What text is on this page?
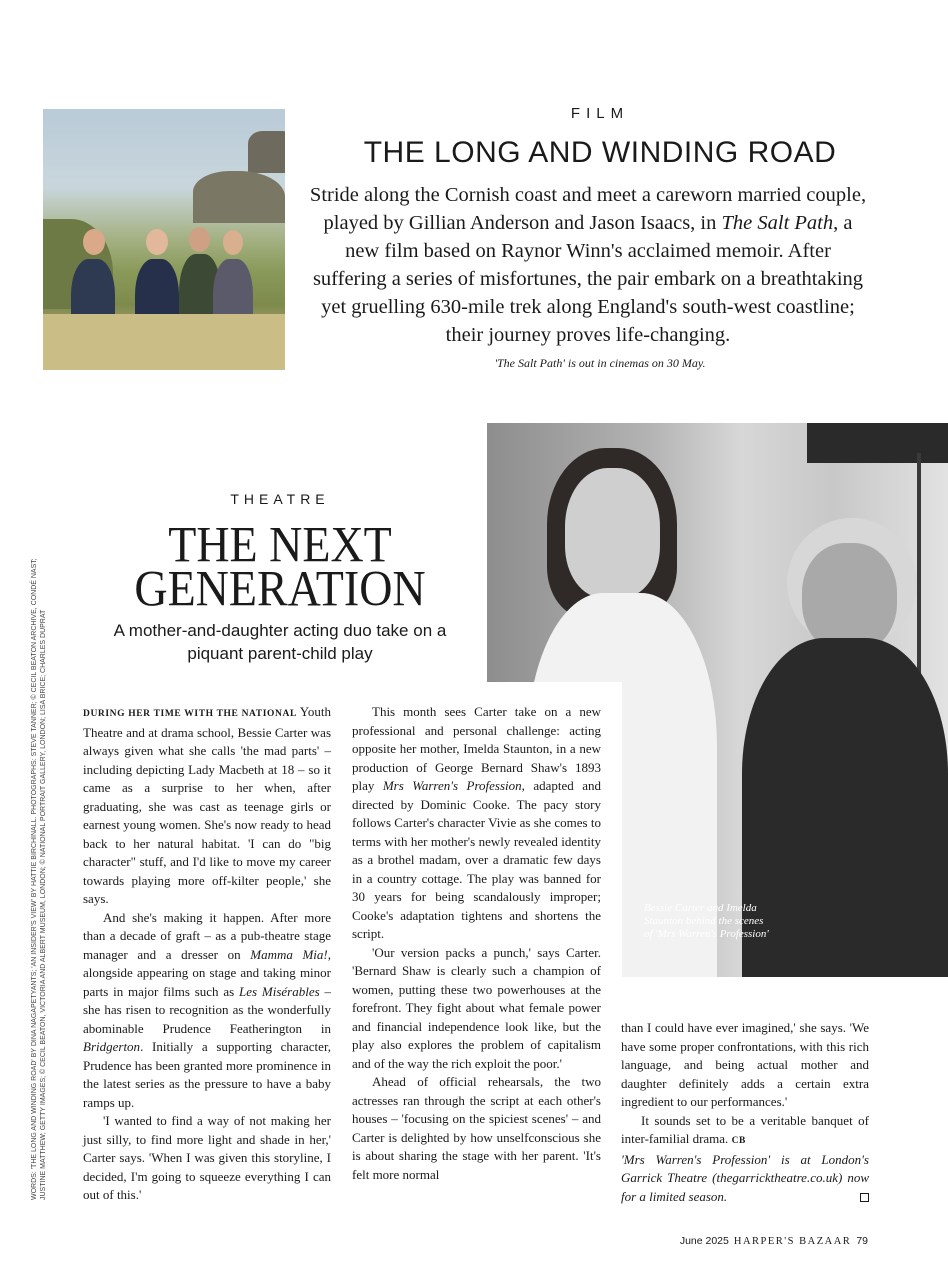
FILM
THE LONG AND WINDING ROAD

Stride along the Cornish coast and meet a careworn married couple, played by Gillian Anderson and Jason Isaacs, in The Salt Path, a new film based on Raynor Winn's acclaimed memoir. After suffering a series of misfortunes, the pair embark on a breathtaking yet gruelling 630-mile trek along England's south-west coastline; their journey proves life-changing.

'The Salt Path' is out in cinemas on 30 May.
Bessie Carter and Imelda Staunton behind the scenes of 'Mrs Warren's Profession'
THEATRE
THE NEXT
GENERATION
A mother-and-daughter acting duo take on a piquant parent-child play

DURING HER TIME WITH THE NATIONAL Youth Theatre and at drama school, Bessie Carter was always given what she calls 'the mad parts' – including depicting Lady Macbeth at 18 – so it came as a surprise to her when, after graduating, she was cast as teenage girls or earnest young women. She's now ready to head back to her natural habitat. 'I can do "big character" stuff, and I'd like to move my career towards playing more off-kilter people,' she says.

And she's making it happen. After more than a decade of graft – as a pub-theatre stage manager and a dresser on Mamma Mia!, alongside appearing on stage and taking minor parts in major films such as Les Misérables – she has risen to recognition as the wonderfully abominable Prudence Featherington in Bridgerton. Initially a supporting character, Prudence has been granted more prominence in the latest series as the pressure to have a baby ramps up.

'I wanted to find a way of not making her just silly, to find more light and shade in her,' Carter says. 'When I was given this storyline, I decided, I'm going to squeeze everything I can out of this.'

This month sees Carter take on a new professional and personal challenge: acting opposite her mother, Imelda Staunton, in a new production of George Bernard Shaw's 1893 play Mrs Warren's Profession, adapted and directed by Dominic Cooke. The pacy story follows Carter's character Vivie as she comes to terms with her mother's newly revealed identity as a brothel madam, over a dramatic few days in a country cottage. The play was banned for 30 years for being scandalously improper; Cooke's adaptation tightens and shortens the script.

'Our version packs a punch,' says Carter. 'Bernard Shaw is clearly such a champion of women, putting these two powerhouses at the forefront. They fight about what female power and financial independence look like, but the play also explores the problem of capitalism and of the way the rich exploit the poor.'

Ahead of official rehearsals, the two actresses ran through the script at each other's houses – 'focusing on the spiciest scenes' – and Carter is delighted by how unselfconscious she is about sharing the stage with her parent. 'It's felt more normal

than I could have ever imagined,' she says. 'We have some proper confrontations, with this rich language, and being actual mother and daughter definitely adds a certain extra ingredient to our performances.'

It sounds set to be a veritable banquet of inter-familial drama. CB

'Mrs Warren's Profession' is at London's Garrick Theatre (thegarricktheatre.co.uk) now for a limited season.

WORDS: 'THE LONG AND WINDING ROAD' BY DINA NAGAPETYANTS; 'AN INSIDER'S VIEW' BY HATTIE BIRCHINALL. PHOTOGRAPHS: STEVE TANNER; © CECIL BEATON ARCHIVE, CONDÉ NAST; JUSTINE MATTHEW; GETTY IMAGES; © CECIL BEATON, VICTORIA AND ALBERT MUSEUM, LONDON; © NATIONAL PORTRAIT GALLERY, LONDON; LISA BRICE; CHARLES DUPRAT
June 2025 HARPER'S BAZAAR 79
